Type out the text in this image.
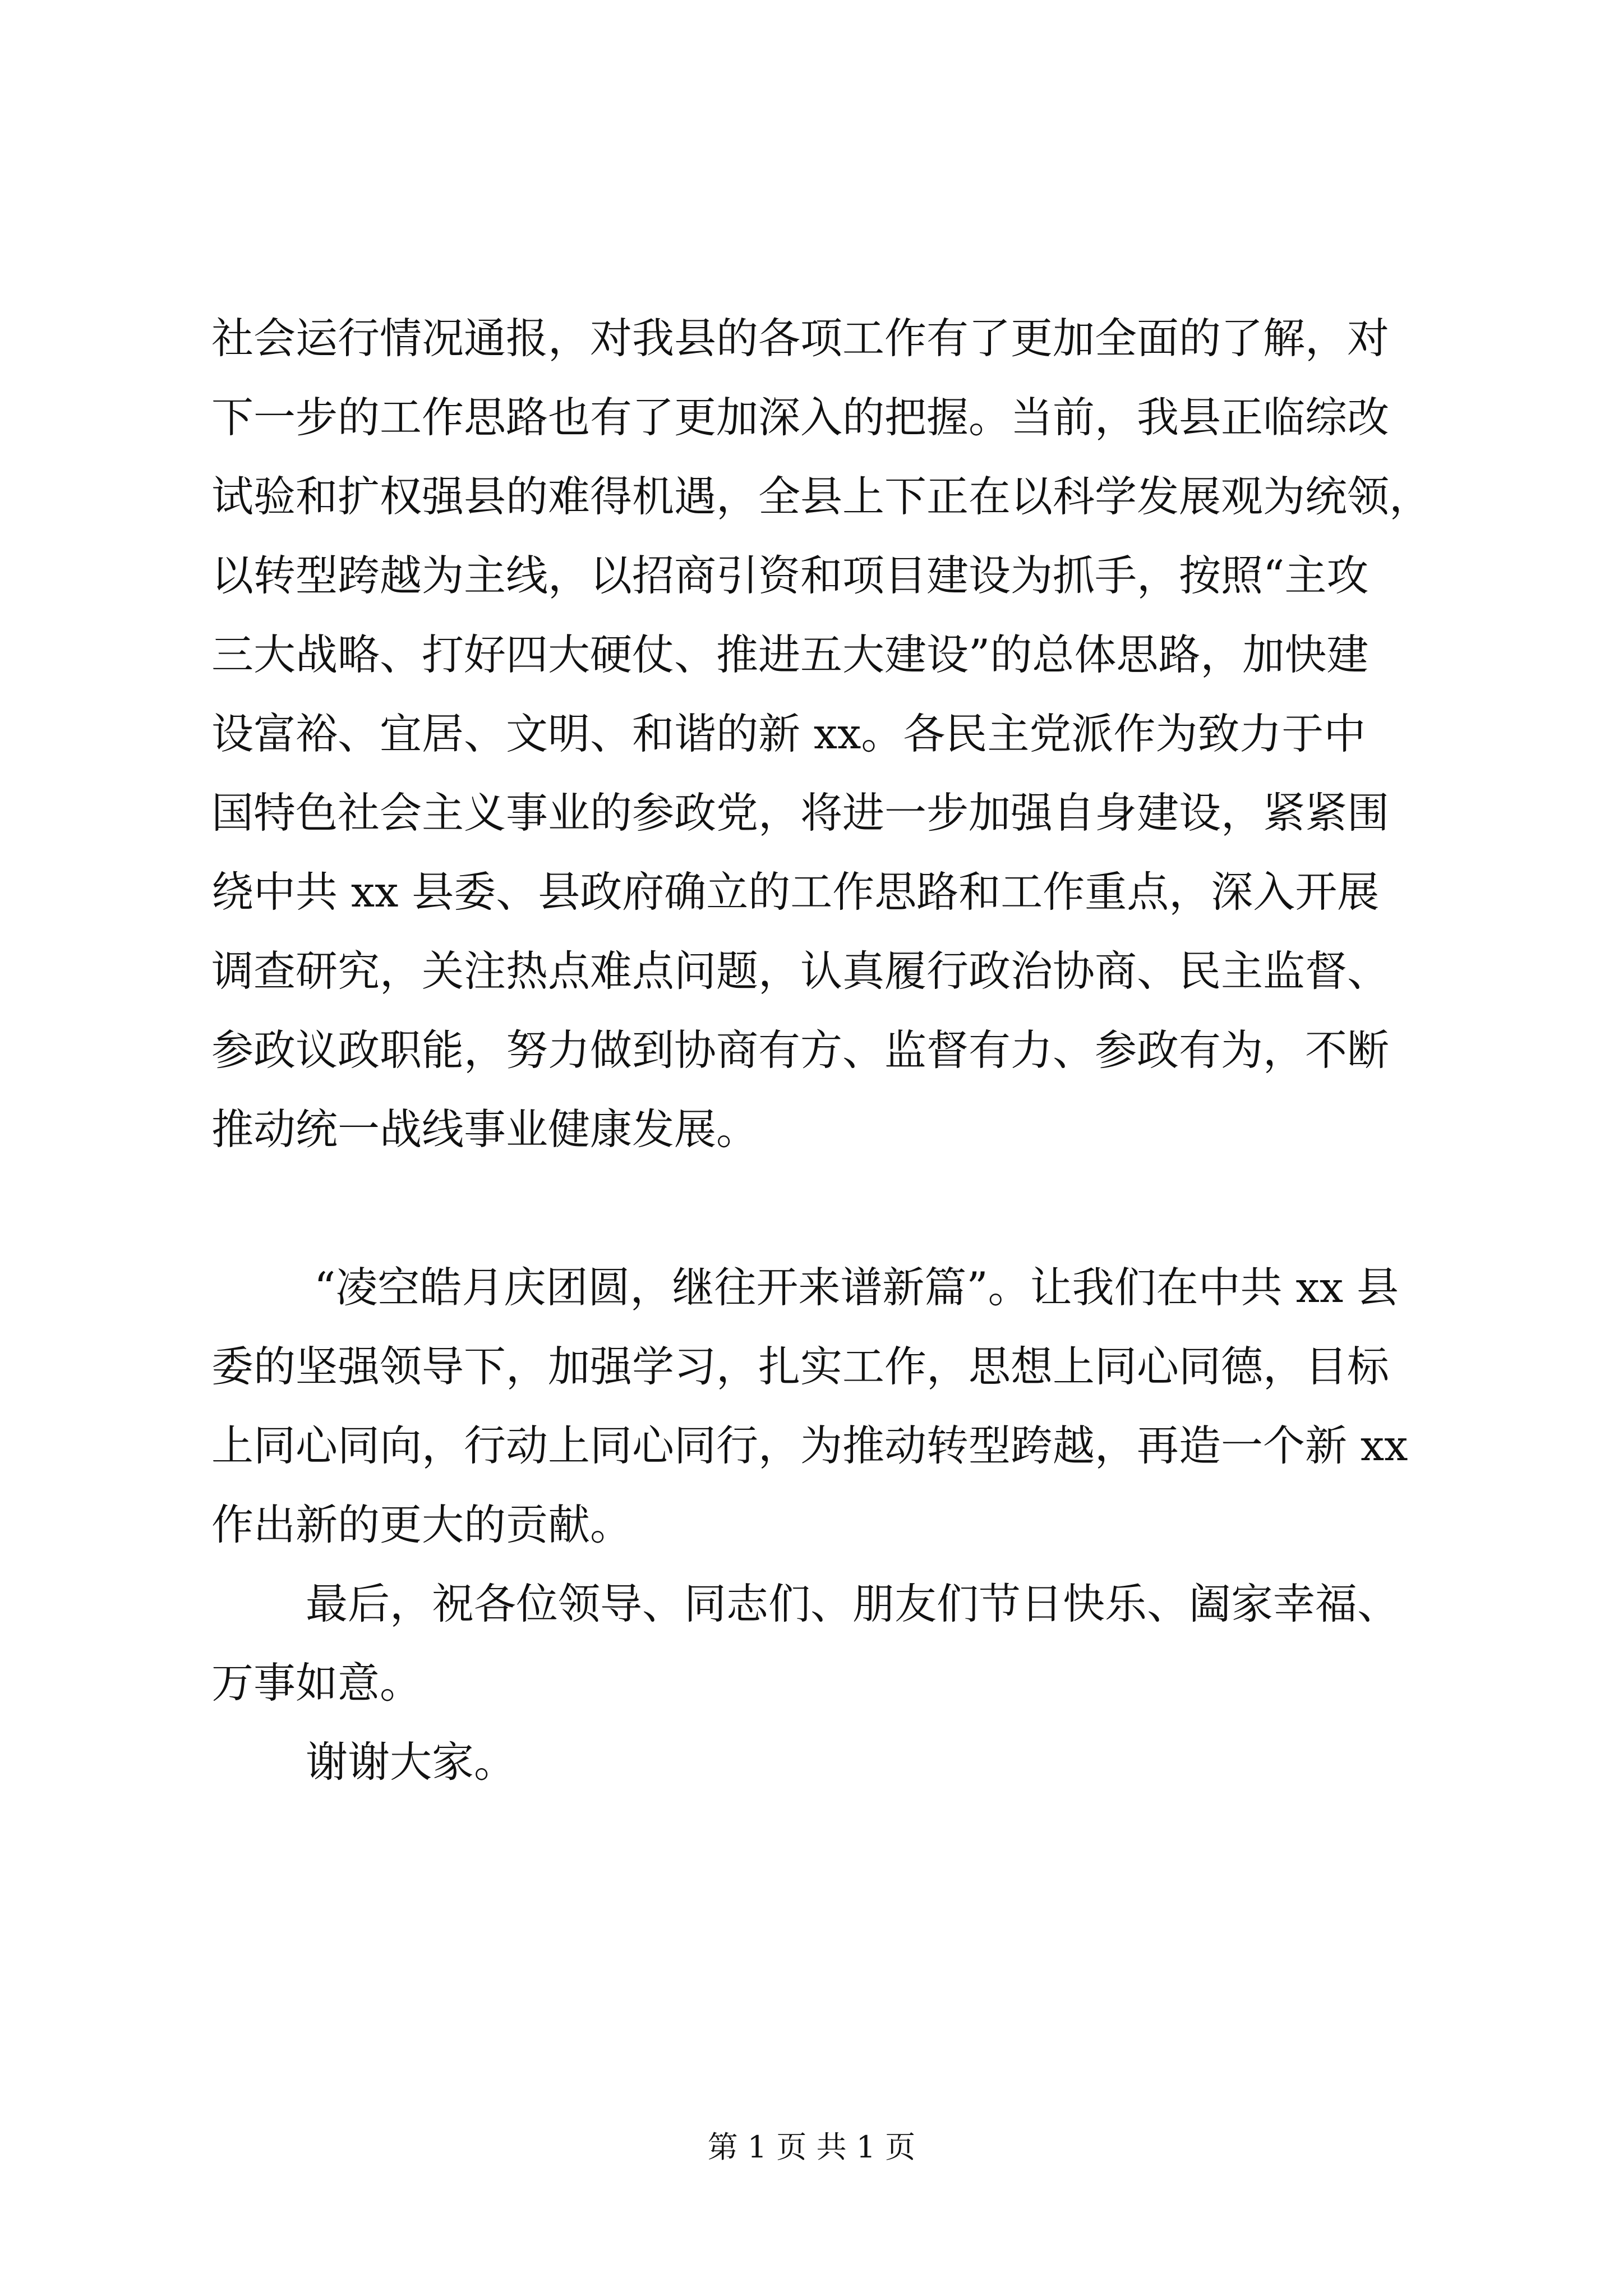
社会运行情况通报，对我县的各项工作有了更加全面的了解，对
下一步的工作思路也有了更加深入的把握。当前，我县正临综改
试验和扩权强县的难得机遇，全县上下正在以科学发展观为统领，
以转型跨越为主线，以招商引资和项目建设为抓手，按照“主攻
三大战略、打好四大硬仗、推进五大建设”的总体思路，加快建
设富裕、宜居、文明、和谐的新 xx。各民主党派作为致力于中
国特色社会主义事业的参政党，将进一步加强自身建设，紧紧围
绕中共 xx 县委、县政府确立的工作思路和工作重点，深入开展
调查研究，关注热点难点问题，认真履行政治协商、民主监督、
参政议政职能，努力做到协商有方、监督有力、参政有为，不断
推动统一战线事业健康发展。
“凌空皓月庆团圆，继往开来谱新篇”。让我们在中共 xx 县
委的坚强领导下，加强学习，扎实工作，思想上同心同德，目标
上同心同向，行动上同心同行，为推动转型跨越，再造一个新 xx
作出新的更大的贡献。
最后，祝各位领导、同志们、朋友们节日快乐、阖家幸福、
万事如意。
谢谢大家。
第 1 页 共 1 页
